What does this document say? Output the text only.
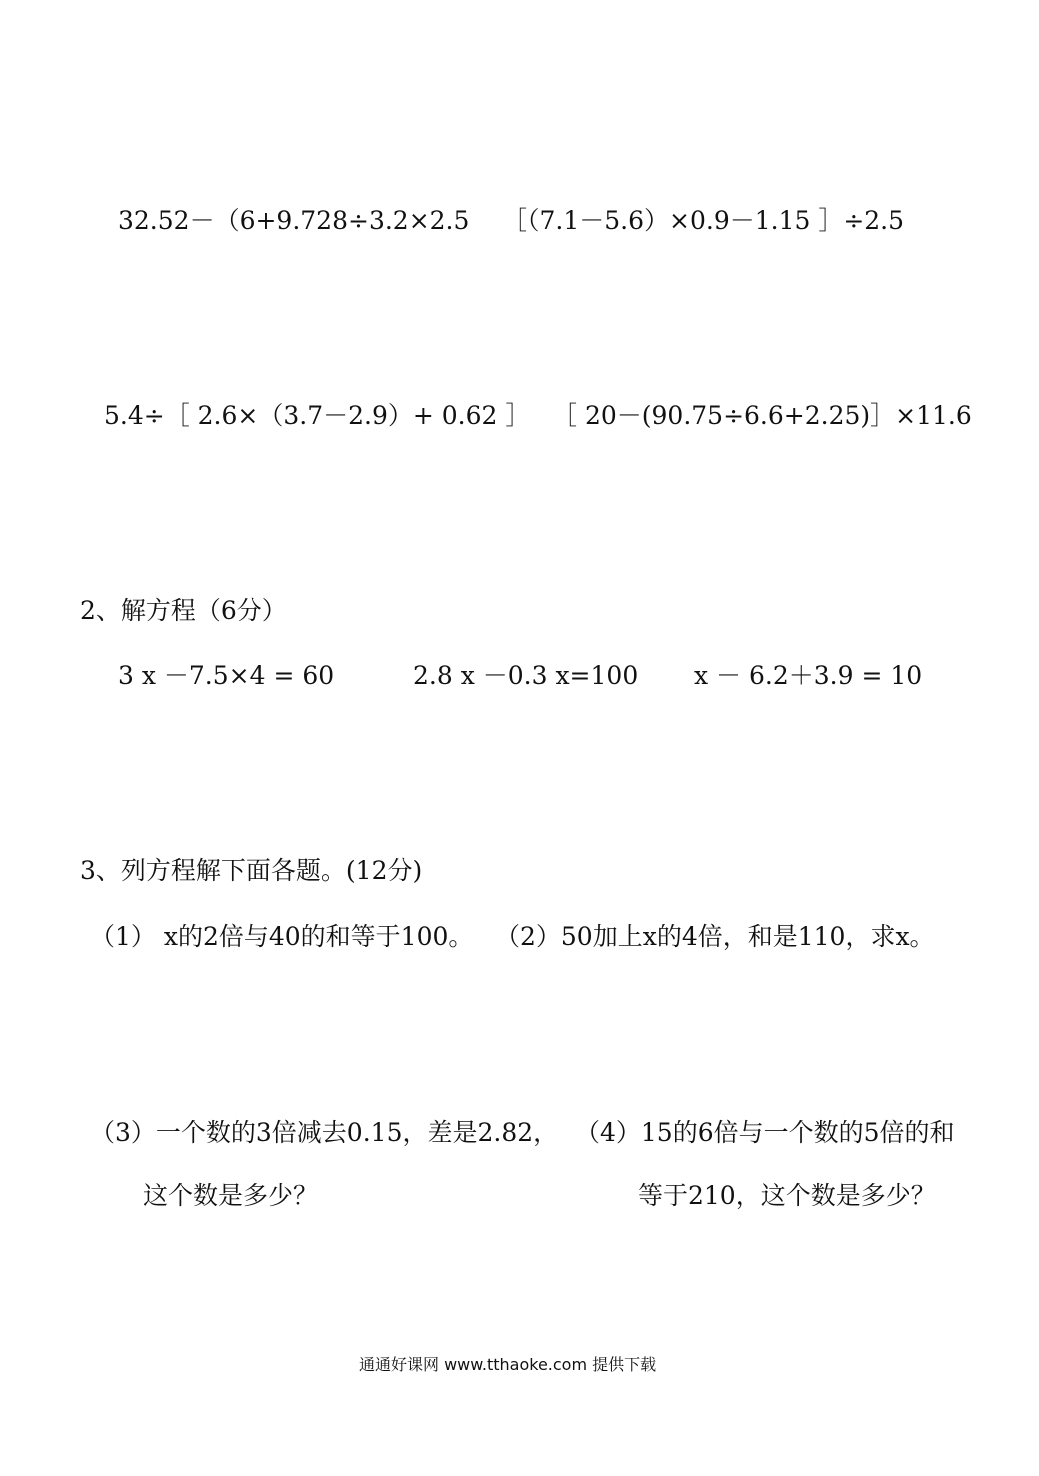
32.52－（6+9.728÷3.2×2.5 ［（7.1－5.6）×0.9－1.15 ］÷2.5
5.4÷［ 2.6×（3.7－2.9）+ 0.62 ］ ［ 20－(90.75÷6.6+2.25)］×11.6
2、解方程（6分）
3 x －7.5×4 = 60	2.8 x －0.3 x=100 x － 6.2＋3.9 = 10
3、列方程解下面各题。(12分)
（1） x的2倍与40的和等于100。 （2）50加上x的4倍，和是110，求x。
（3）一个数的3倍减去0.15，差是2.82， （4）15的6倍与一个数的5倍的和
这个数是多少？	等于210，这个数是多少？
通通好课网 www.tthaoke.com 提供下载
